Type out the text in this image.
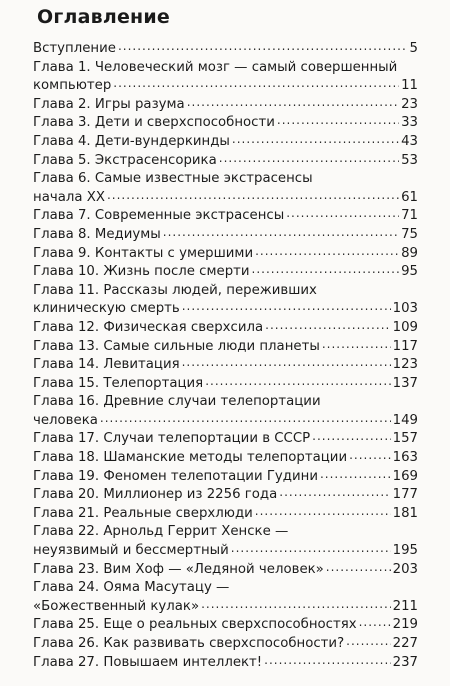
Оглавление
Вступление .....	5
Глава 1. Человеческий мозг — самый совершенный
компьютер .....	11
Глава 2. Игры разума .....	23
Глава 3. Дети и сверхспособности .....	33
Глава 4. Дети-вундеркинды .....	43
Глава 5. Экстрасенсорика .....	53
Глава 6. Самые известные экстрасенсы
начала XX .....	61
Глава 7. Современные экстрасенсы .....	71
Глава 8. Медиумы .....	75
Глава 9. Контакты с умершими .....	89
Глава 10. Жизнь после смерти .....	95
Глава 11. Рассказы людей, переживших
клиническую смерть .....	103
Глава 12. Физическая сверхсила .....	109
Глава 13. Самые сильные люди планеты .....	117
Глава 14. Левитация .....	123
Глава 15. Телепортация .....	137
Глава 16. Древние случаи телепортации
человека .....	149
Глава 17. Случаи телепортации в СССР .....	157
Глава 18. Шаманские методы телепортации .....	163
Глава 19. Феномен телепотации Гудини .....	169
Глава 20. Миллионер из 2256 года .....	177
Глава 21. Реальные сверхлюди .....	181
Глава 22. Арнольд Геррит Хенске —
неуязвимый и бессмертный .....	195
Глава 23. Вим Хоф — «Ледяной человек» .....	203
Глава 24. Ояма Масутацу —
«Божественный кулак» .....	211
Глава 25. Еще о реальных сверхспособностях .....	219
Глава 26. Как развивать сверхспособности? .....	227
Глава 27. Повышаем интеллект! .....	237
